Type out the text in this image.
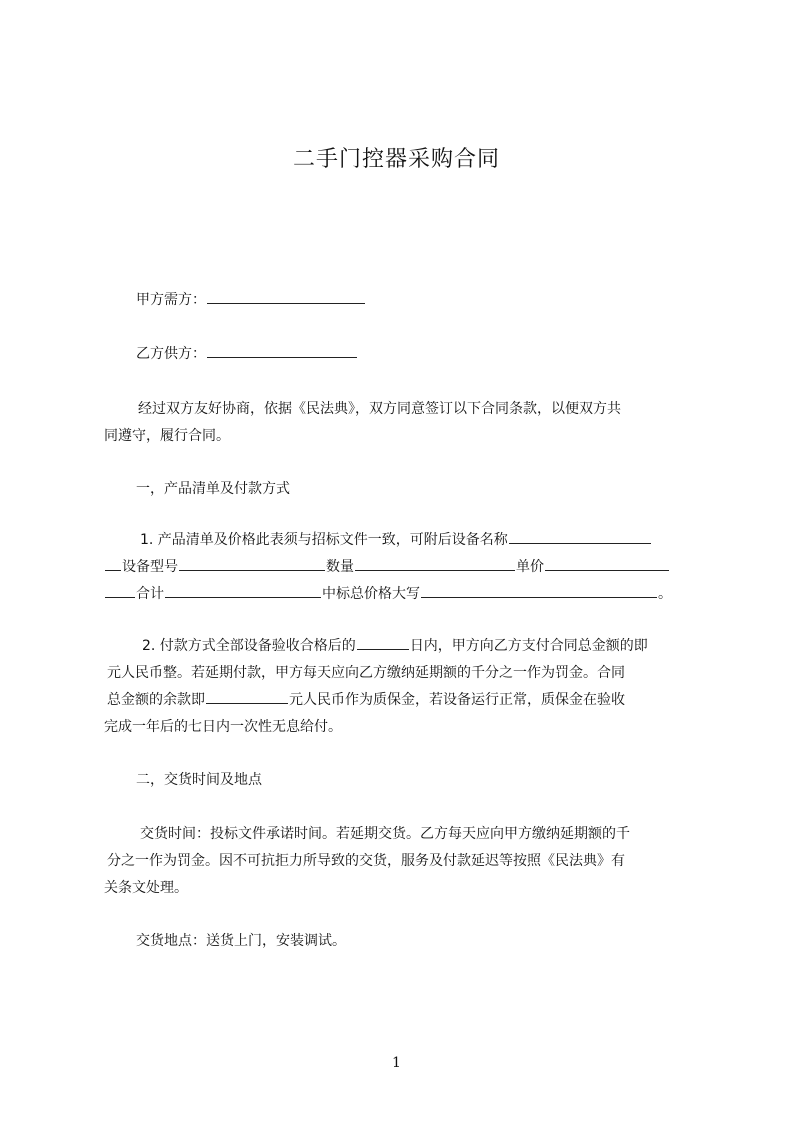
二手门控器采购合同
甲方需方：
乙方供方：

经过双方友好协商，依据《民法典》，双方同意签订以下合同条款，以便双方共

同遵守，履行合同。

一，产品清单及付款方式

1. 产品清单及价格此表须与招标文件一致，可附后设备名称

设备型号	数量	单价

合计	中标总价格大写	。

2. 付款方式全部设备验收合格后的	日内，甲方向乙方支付合同总金额的即

元人民币整。若延期付款，甲方每天应向乙方缴纳延期额的千分之一作为罚金。合同

总金额的余款即	元人民币作为质保金，若设备运行正常，质保金在验收

完成一年后的七日内一次性无息给付。

二，交货时间及地点

交货时间：投标文件承诺时间。若延期交货。乙方每天应向甲方缴纳延期额的千

分之一作为罚金。因不可抗拒力所导致的交货，服务及付款延迟等按照《民法典》有

关条文处理。

交货地点：送货上门，安装调试。
1
